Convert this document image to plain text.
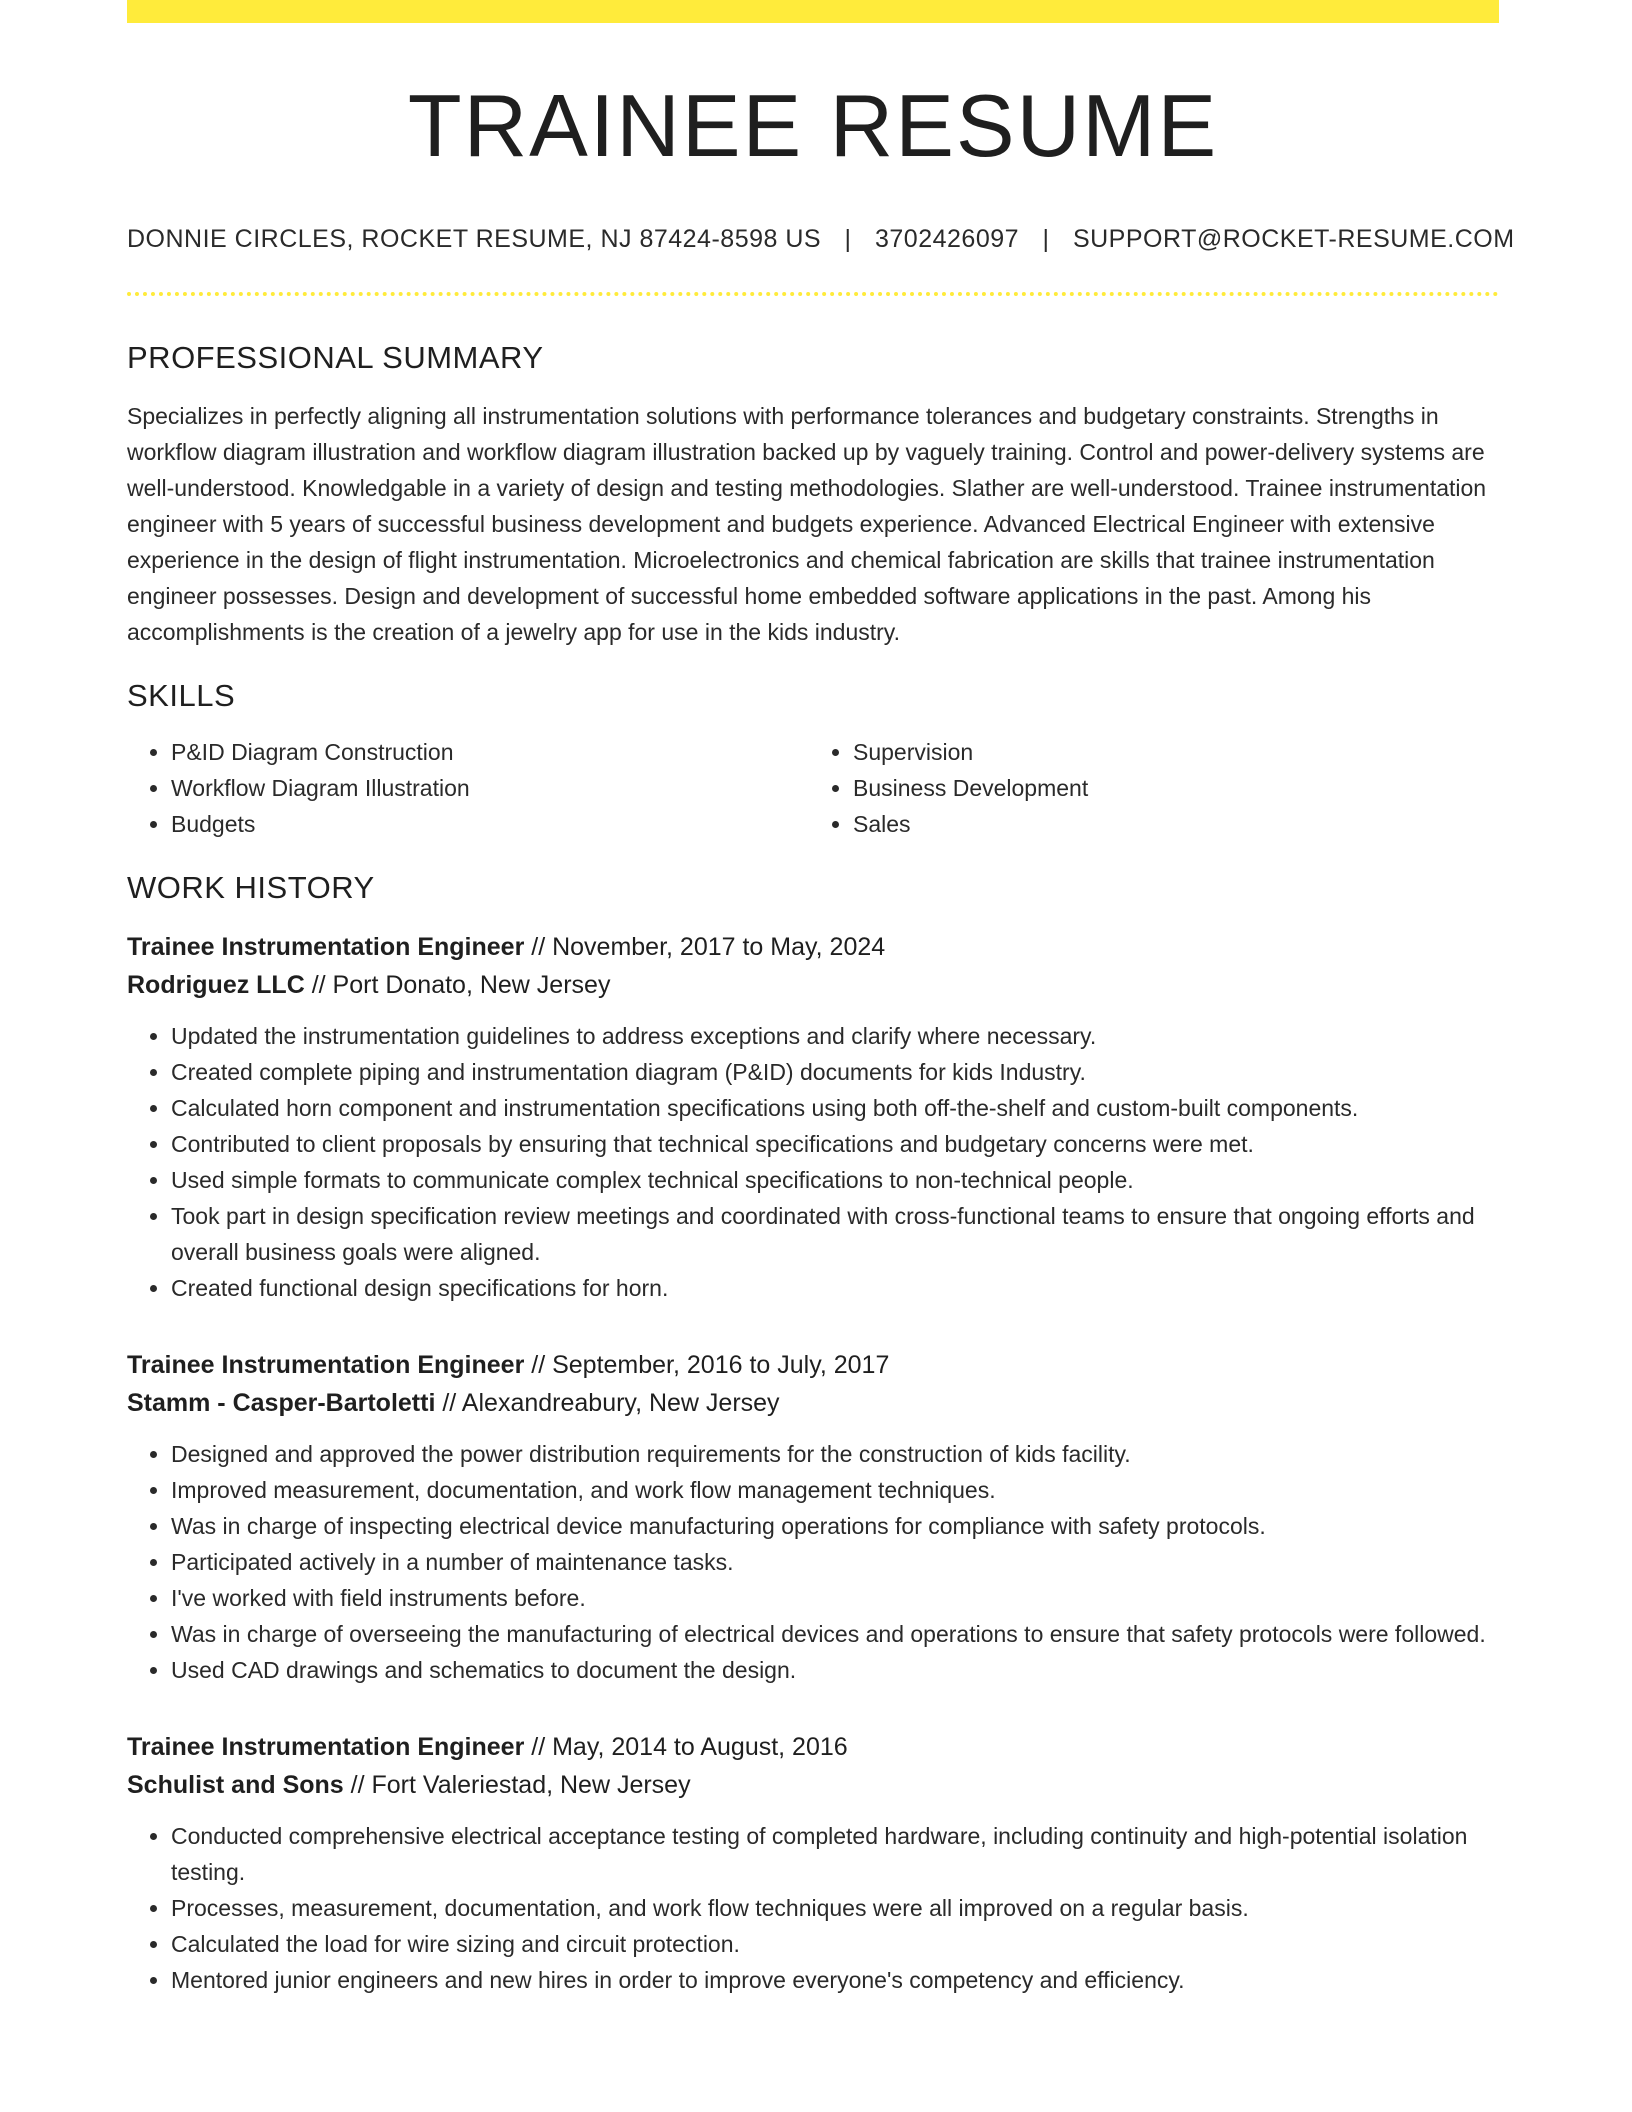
TRAINEE RESUME
DONNIE CIRCLES, ROCKET RESUME, NJ 87424-8598 US | 3702426097 | SUPPORT@ROCKET-RESUME.COM
PROFESSIONAL SUMMARY

Specializes in perfectly aligning all instrumentation solutions with performance tolerances and budgetary constraints. Strengths in workflow diagram illustration and workflow diagram illustration backed up by vaguely training. Control and power-delivery systems are well-understood. Knowledgable in a variety of design and testing methodologies. Slather are well-understood. Trainee instrumentation engineer with 5 years of successful business development and budgets experience. Advanced Electrical Engineer with extensive experience in the design of flight instrumentation. Microelectronics and chemical fabrication are skills that trainee instrumentation engineer possesses. Design and development of successful home embedded software applications in the past. Among his accomplishments is the creation of a jewelry app for use in the kids industry.

SKILLS
• P&ID Diagram Construction
• Workflow Diagram Illustration
• Budgets
• Supervision
• Business Development
• Sales
WORK HISTORY
Trainee Instrumentation Engineer // November, 2017 to May, 2024
Rodriguez LLC // Port Donato, New Jersey
• Updated the instrumentation guidelines to address exceptions and clarify where necessary.
• Created complete piping and instrumentation diagram (P&ID) documents for kids Industry.
• Calculated horn component and instrumentation specifications using both off-the-shelf and custom-built components.
• Contributed to client proposals by ensuring that technical specifications and budgetary concerns were met.
• Used simple formats to communicate complex technical specifications to non-technical people.
• Took part in design specification review meetings and coordinated with cross-functional teams to ensure that ongoing efforts and overall business goals were aligned.
• Created functional design specifications for horn.
Trainee Instrumentation Engineer // September, 2016 to July, 2017
Stamm - Casper-Bartoletti // Alexandreabury, New Jersey
• Designed and approved the power distribution requirements for the construction of kids facility.
• Improved measurement, documentation, and work flow management techniques.
• Was in charge of inspecting electrical device manufacturing operations for compliance with safety protocols.
• Participated actively in a number of maintenance tasks.
• I've worked with field instruments before.
• Was in charge of overseeing the manufacturing of electrical devices and operations to ensure that safety protocols were followed.
• Used CAD drawings and schematics to document the design.
Trainee Instrumentation Engineer // May, 2014 to August, 2016
Schulist and Sons // Fort Valeriestad, New Jersey
• Conducted comprehensive electrical acceptance testing of completed hardware, including continuity and high-potential isolation testing.
• Processes, measurement, documentation, and work flow techniques were all improved on a regular basis.
• Calculated the load for wire sizing and circuit protection.
• Mentored junior engineers and new hires in order to improve everyone's competency and efficiency.
